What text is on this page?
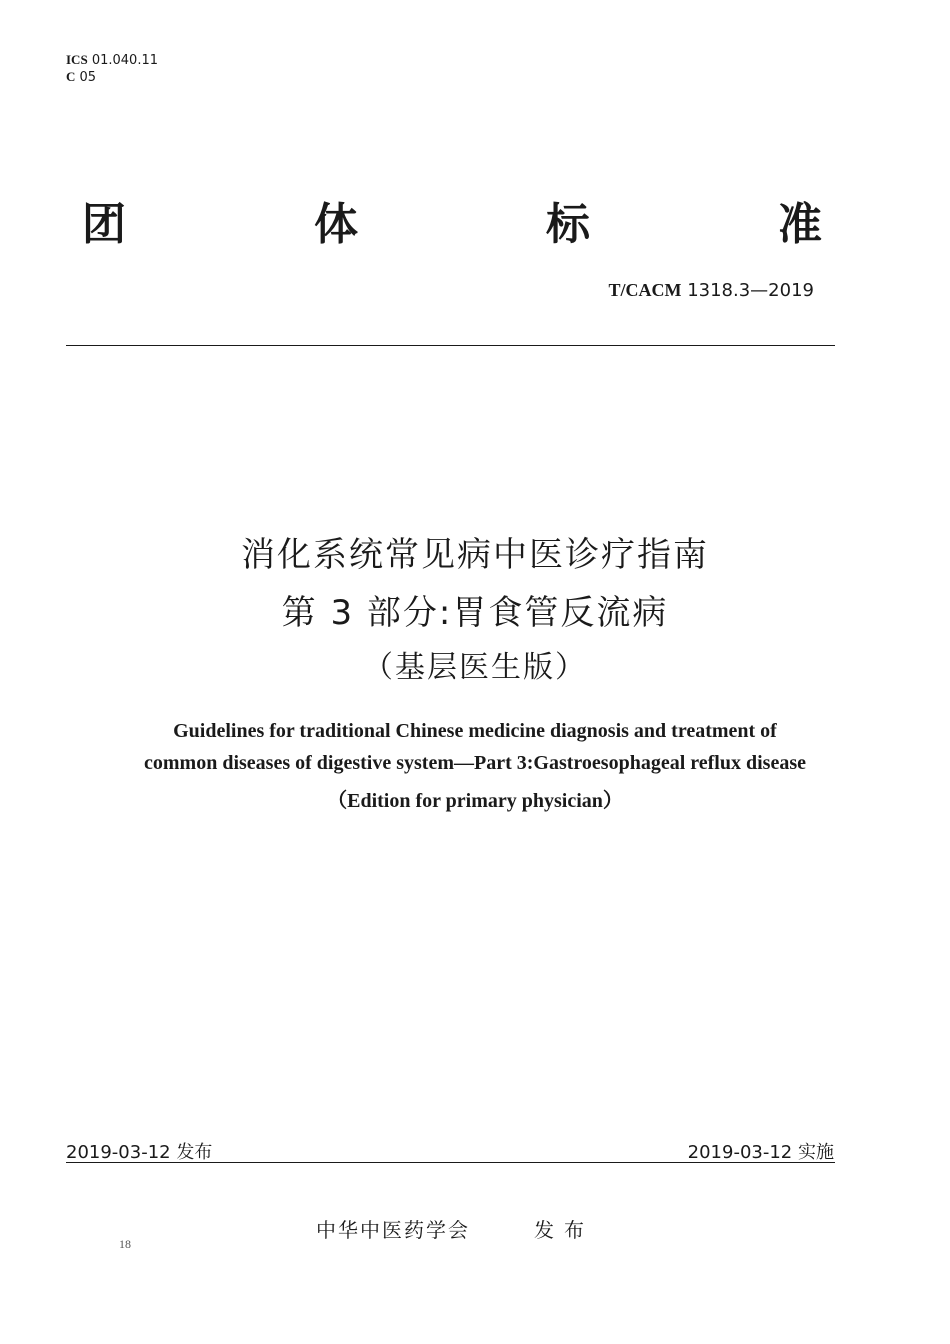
ICS 01.040.11
C 05
团	体	标	准
T/CACM 1318.3—2019
消化系统常见病中医诊疗指南
第 3 部分:胃食管反流病
（基层医生版）
Guidelines for traditional Chinese medicine diagnosis and treatment of
common diseases of digestive system—Part 3:Gastroesophageal reflux disease
（Edition for primary physician）
2019-03-12 发布	2019-03-12 实施
中华中医药学会	发布
18
